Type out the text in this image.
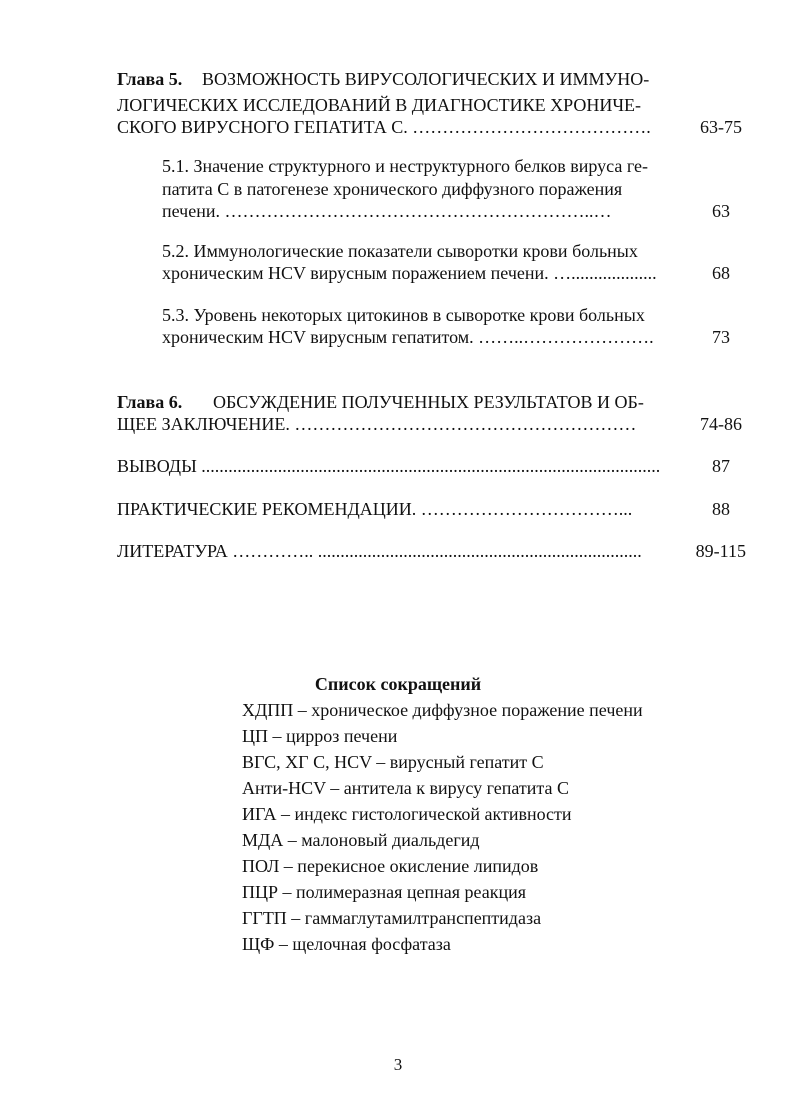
Глава 5. ВОЗМОЖНОСТЬ ВИРУСОЛОГИЧЕСКИХ И ИММУНО-
ЛОГИЧЕСКИХ ИССЛЕДОВАНИЙ В ДИАГНОСТИКЕ ХРОНИЧЕ-
СКОГО ВИРУСНОГО ГЕПАТИТА С. ………………………………….	63-75
5.1. Значение структурного и неструктурного белков вируса ге-
патита С в патогенезе хронического диффузного поражения
печени. ……………………………………………………..…	63
5.2. Иммунологические показатели сыворотки крови больных
хроническим HCV вирусным поражением печени. …...................	68
5.3. Уровень некоторых цитокинов в сыворотке крови больных
хроническим HCV вирусным гепатитом. ……..………………….	73
Глава 6. ОБСУЖДЕНИЕ ПОЛУЧЕННЫХ РЕЗУЛЬТАТОВ И ОБ-
ЩЕЕ ЗАКЛЮЧЕНИЕ. …………………………………………………	74-86
ВЫВОДЫ ......................................................................................................	87
ПРАКТИЧЕСКИЕ РЕКОМЕНДАЦИИ. ……………………………...	88
ЛИТЕРАТУРА ………….. ........................................................................	89-115
Список сокращений
ХДПП – хроническое диффузное поражение печени
ЦП – цирроз печени
ВГС, ХГ С, HCV – вирусный гепатит С
Анти-HCV – антитела к вирусу гепатита С
ИГА – индекс гистологической активности
МДА – малоновый диальдегид
ПОЛ – перекисное окисление липидов
ПЦР – полимеразная цепная реакция
ГГТП – гаммаглутамилтранспептидаза
ЩФ – щелочная фосфатаза
3
